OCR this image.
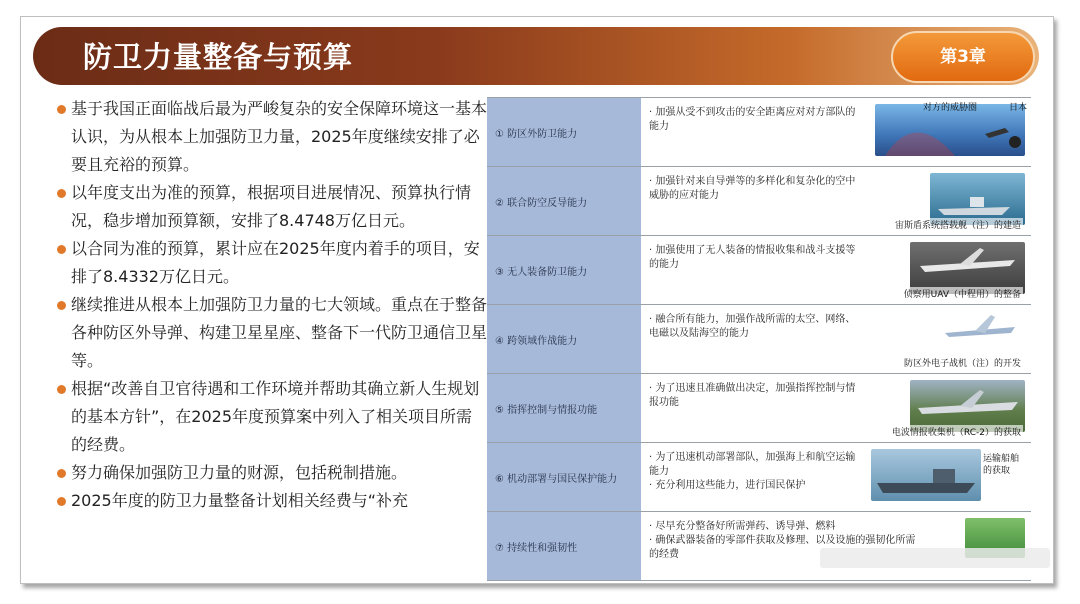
防卫力量整备与预算	第3章
基于我国正面临战后最为严峻复杂的安全保障环境这一基本认识，为从根本上加强防卫力量，2025年度继续安排了必要且充裕的预算。
以年度支出为准的预算，根据项目进展情况、预算执行情况，稳步增加预算额，安排了8.4748万亿日元。
以合同为准的预算，累计应在2025年度内着手的项目，安排了8.4332万亿日元。
继续推进从根本上加强防卫力量的七大领域。重点在于整备各种防区外导弹、构建卫星星座、整备下一代防卫通信卫星等。
根据“改善自卫官待遇和工作环境并帮助其确立新人生规划的基本方针”，在2025年度预算案中列入了相关项目所需的经费。
努力确保加强防卫力量的财源，包括税制措施。
2025年度的防卫力量整备计划相关经费与“补充
① 防区外防卫能力
· 加强从受不到攻击的安全距离应对对方部队的能力
对方的威胁圈	日本
② 联合防空反导能力
· 加强针对来自导弹等的多样化和复杂化的空中威胁的应对能力
宙斯盾系统搭载舰（注）的建造
③ 无人装备防卫能力
· 加强使用了无人装备的情报收集和战斗支援等的能力
侦察用UAV（中程用）的整备
④ 跨领域作战能力
· 融合所有能力，加强作战所需的太空、网络、电磁以及陆海空的能力
防区外电子战机（注）的开发
⑤ 指挥控制与情报功能
· 为了迅速且准确做出决定，加强指挥控制与情报功能
电波情报收集机（RC-2）的获取
⑥ 机动部署与国民保护能力
· 为了迅速机动部署部队，加强海上和航空运输能力
· 充分利用这些能力，进行国民保护
运输船舶的获取
⑦ 持续性和强韧性
· 尽早充分整备好所需弹药、诱导弹、燃料
· 确保武器装备的零部件获取及修理、以及设施的强韧化所需的经费
